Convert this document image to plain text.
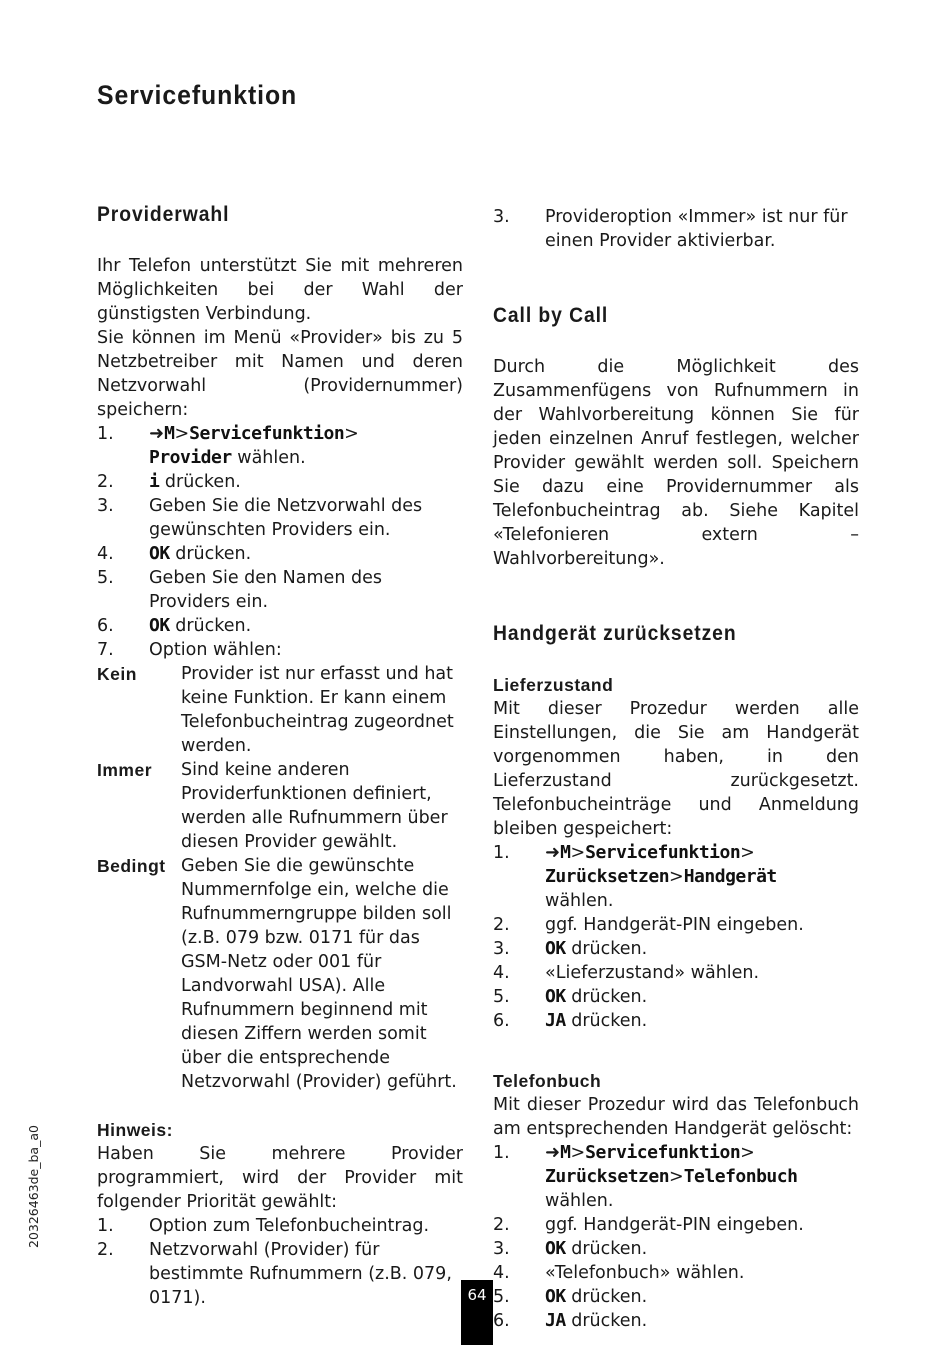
Servicefunktion
Providerwahl

Ihr Telefon unterstützt Sie mit mehreren Möglichkeiten bei der Wahl der günstigsten Verbindung.

Sie können im Menü «Provider» bis zu 5 Netzbetreiber mit Namen und deren Netzvorwahl (Providernummer) speichern:

1.	➜M>Servicefunktion>
Provider wählen.
2.	i drücken.
3.	Geben Sie die Netzvorwahl des gewünschten Providers ein.
4.	OK drücken.
5.	Geben Sie den Namen des Providers ein.
6.	OK drücken.
7.	Option wählen:
Kein	Provider ist nur erfasst und hat keine Funktion. Er kann einem Telefonbucheintrag zugeordnet werden.
Immer	Sind keine anderen Providerfunktionen definiert, werden alle Rufnummern über diesen Provider gewählt.
Bedingt Geben Sie die gewünschte Nummernfolge ein, welche die Rufnummerngruppe bilden soll (z.B. 079 bzw. 0171 für das GSM-Netz oder 001 für Landvorwahl USA). Alle Rufnummern beginnend mit diesen Ziffern werden somit über die entsprechende Netzvorwahl (Provider) geführt.
Hinweis:

Haben Sie mehrere Provider programmiert, wird der Provider mit folgender Priorität gewählt:

1.	Option zum Telefonbucheintrag.
2.	Netzvorwahl (Provider) für bestimmte Rufnummern (z.B. 079, 0171).
3.	Provideroption «Immer» ist nur für einen Provider aktivierbar.
Call by Call

Durch die Möglichkeit des Zusammenfügens von Rufnummern in der Wahlvorbereitung können Sie für jeden einzelnen Anruf festlegen, welcher Provider gewählt werden soll. Speichern Sie dazu eine Providernummer als Telefonbucheintrag ab. Siehe Kapitel «Telefonieren extern – Wahlvorbereitung».

Handgerät zurücksetzen
Lieferzustand

Mit dieser Prozedur werden alle Einstellungen, die Sie am Handgerät vorgenommen haben, in den Lieferzustand zurückgesetzt. Telefonbucheinträge und Anmeldung bleiben gespeichert:

1.	➜M>Servicefunktion>
Zurücksetzen>Handgerät
wählen.
2.	ggf. Handgerät-PIN eingeben.
3.	OK drücken.
4.	«Lieferzustand» wählen.
5.	OK drücken.
6.	JA drücken.
Telefonbuch

Mit dieser Prozedur wird das Telefonbuch am entsprechenden Handgerät gelöscht:

1.	➜M>Servicefunktion>
Zurücksetzen>Telefonbuch
wählen.
2.	ggf. Handgerät-PIN eingeben.
3.	OK drücken.
4.	«Telefonbuch» wählen.
5.	OK drücken.
6.	JA drücken.
20326463de_ba_a0
64
